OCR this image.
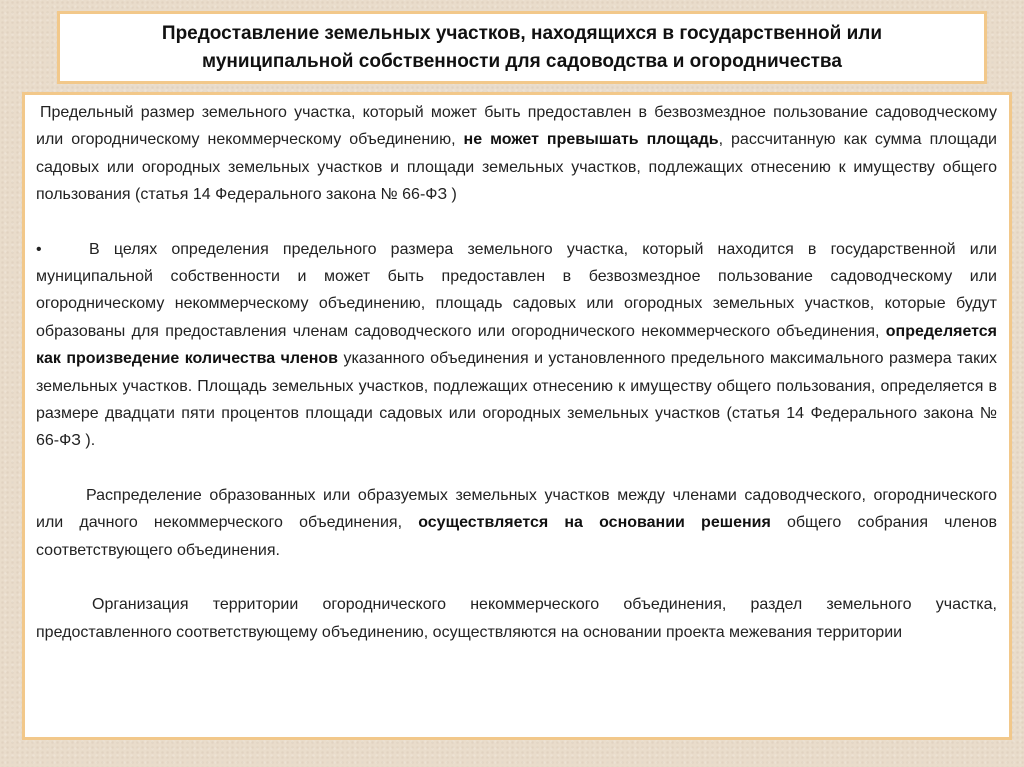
Предоставление земельных участков, находящихся в государственной или
муниципальной собственности для садоводства и огородничества

Предельный размер земельного участка, который может быть предоставлен в безвозмездное пользование садоводческому или огородническому некоммерческому объединению, не может превышать площадь, рассчитанную как сумма площади садовых или огородных земельных участков и площади земельных участков, подлежащих отнесению к имуществу общего пользования (статья 14 Федерального закона № 66-ФЗ )

•	В целях определения предельного размера земельного участка, который находится в государственной или муниципальной собственности и может быть предоставлен в безвозмездное пользование садоводческому или огородническому некоммерческому объединению, площадь садовых или огородных земельных участков, которые будут образованы для предоставления членам садоводческого или огороднического некоммерческого объединения, определяется как произведение количества членов указанного объединения и установленного предельного максимального размера таких земельных участков. Площадь земельных участков, подлежащих отнесению к имуществу общего пользования, определяется в размере двадцати пяти процентов площади садовых или огородных земельных участков (статья 14 Федерального закона № 66-ФЗ ).

Распределение образованных или образуемых земельных участков между членами садоводческого, огороднического или дачного некоммерческого объединения, осуществляется на основании решения общего собрания членов соответствующего объединения.

Организация территории огороднического некоммерческого объединения, раздел земельного участка, предоставленного соответствующему объединению, осуществляются на основании проекта межевания территории
